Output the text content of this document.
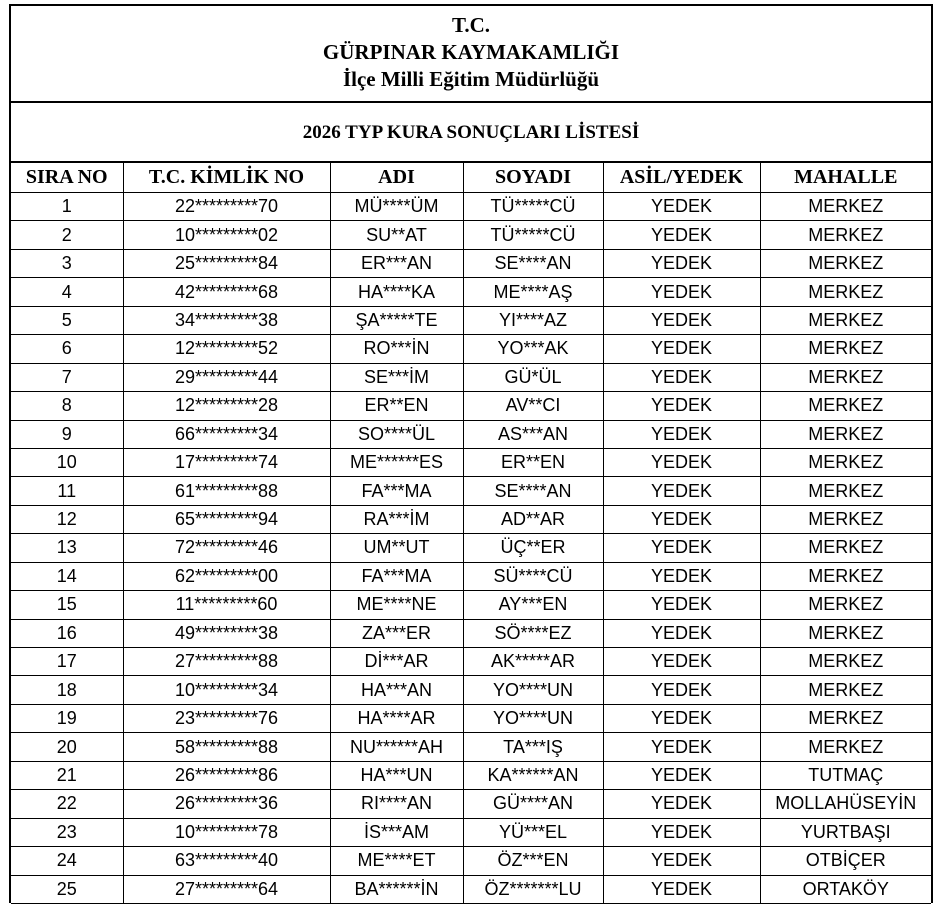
T.C.
GÜRPINAR KAYMAKAMLIĞI
İlçe Milli Eğitim Müdürlüğü
2026 TYP KURA SONUÇLARI LİSTESİ
SIRA NO	T.C. KİMLİK NO	ADI	SOYADI	ASİL/YEDEK	MAHALLE
1	22*********70	MÜ****ÜM	TÜ*****CÜ	YEDEK	MERKEZ
2	10*********02	SU**AT	TÜ*****CÜ	YEDEK	MERKEZ
3	25*********84	ER***AN	SE****AN	YEDEK	MERKEZ
4	42*********68	HA****KA	ME****AŞ	YEDEK	MERKEZ
5	34*********38	ŞA*****TE	YI****AZ	YEDEK	MERKEZ
6	12*********52	RO***İN	YO***AK	YEDEK	MERKEZ
7	29*********44	SE***İM	GÜ*ÜL	YEDEK	MERKEZ
8	12*********28	ER**EN	AV**CI	YEDEK	MERKEZ
9	66*********34	SO****ÜL	AS***AN	YEDEK	MERKEZ
10	17*********74	ME******ES	ER**EN	YEDEK	MERKEZ
11	61*********88	FA***MA	SE****AN	YEDEK	MERKEZ
12	65*********94	RA***İM	AD**AR	YEDEK	MERKEZ
13	72*********46	UM**UT	ÜÇ**ER	YEDEK	MERKEZ
14	62*********00	FA***MA	SÜ****CÜ	YEDEK	MERKEZ
15	11*********60	ME****NE	AY***EN	YEDEK	MERKEZ
16	49*********38	ZA***ER	SÖ****EZ	YEDEK	MERKEZ
17	27*********88	Dİ***AR	AK*****AR	YEDEK	MERKEZ
18	10*********34	HA***AN	YO****UN	YEDEK	MERKEZ
19	23*********76	HA****AR	YO****UN	YEDEK	MERKEZ
20	58*********88	NU******AH	TA***IŞ	YEDEK	MERKEZ
21	26*********86	HA***UN	KA******AN	YEDEK	TUTMAÇ
22	26*********36	RI****AN	GÜ****AN	YEDEK	MOLLAHÜSEYİN
23	10*********78	İS***AM	YÜ***EL	YEDEK	YURTBAŞI
24	63*********40	ME****ET	ÖZ***EN	YEDEK	OTBİÇER
25	27*********64	BA******İN	ÖZ*******LU	YEDEK	ORTAKÖY
